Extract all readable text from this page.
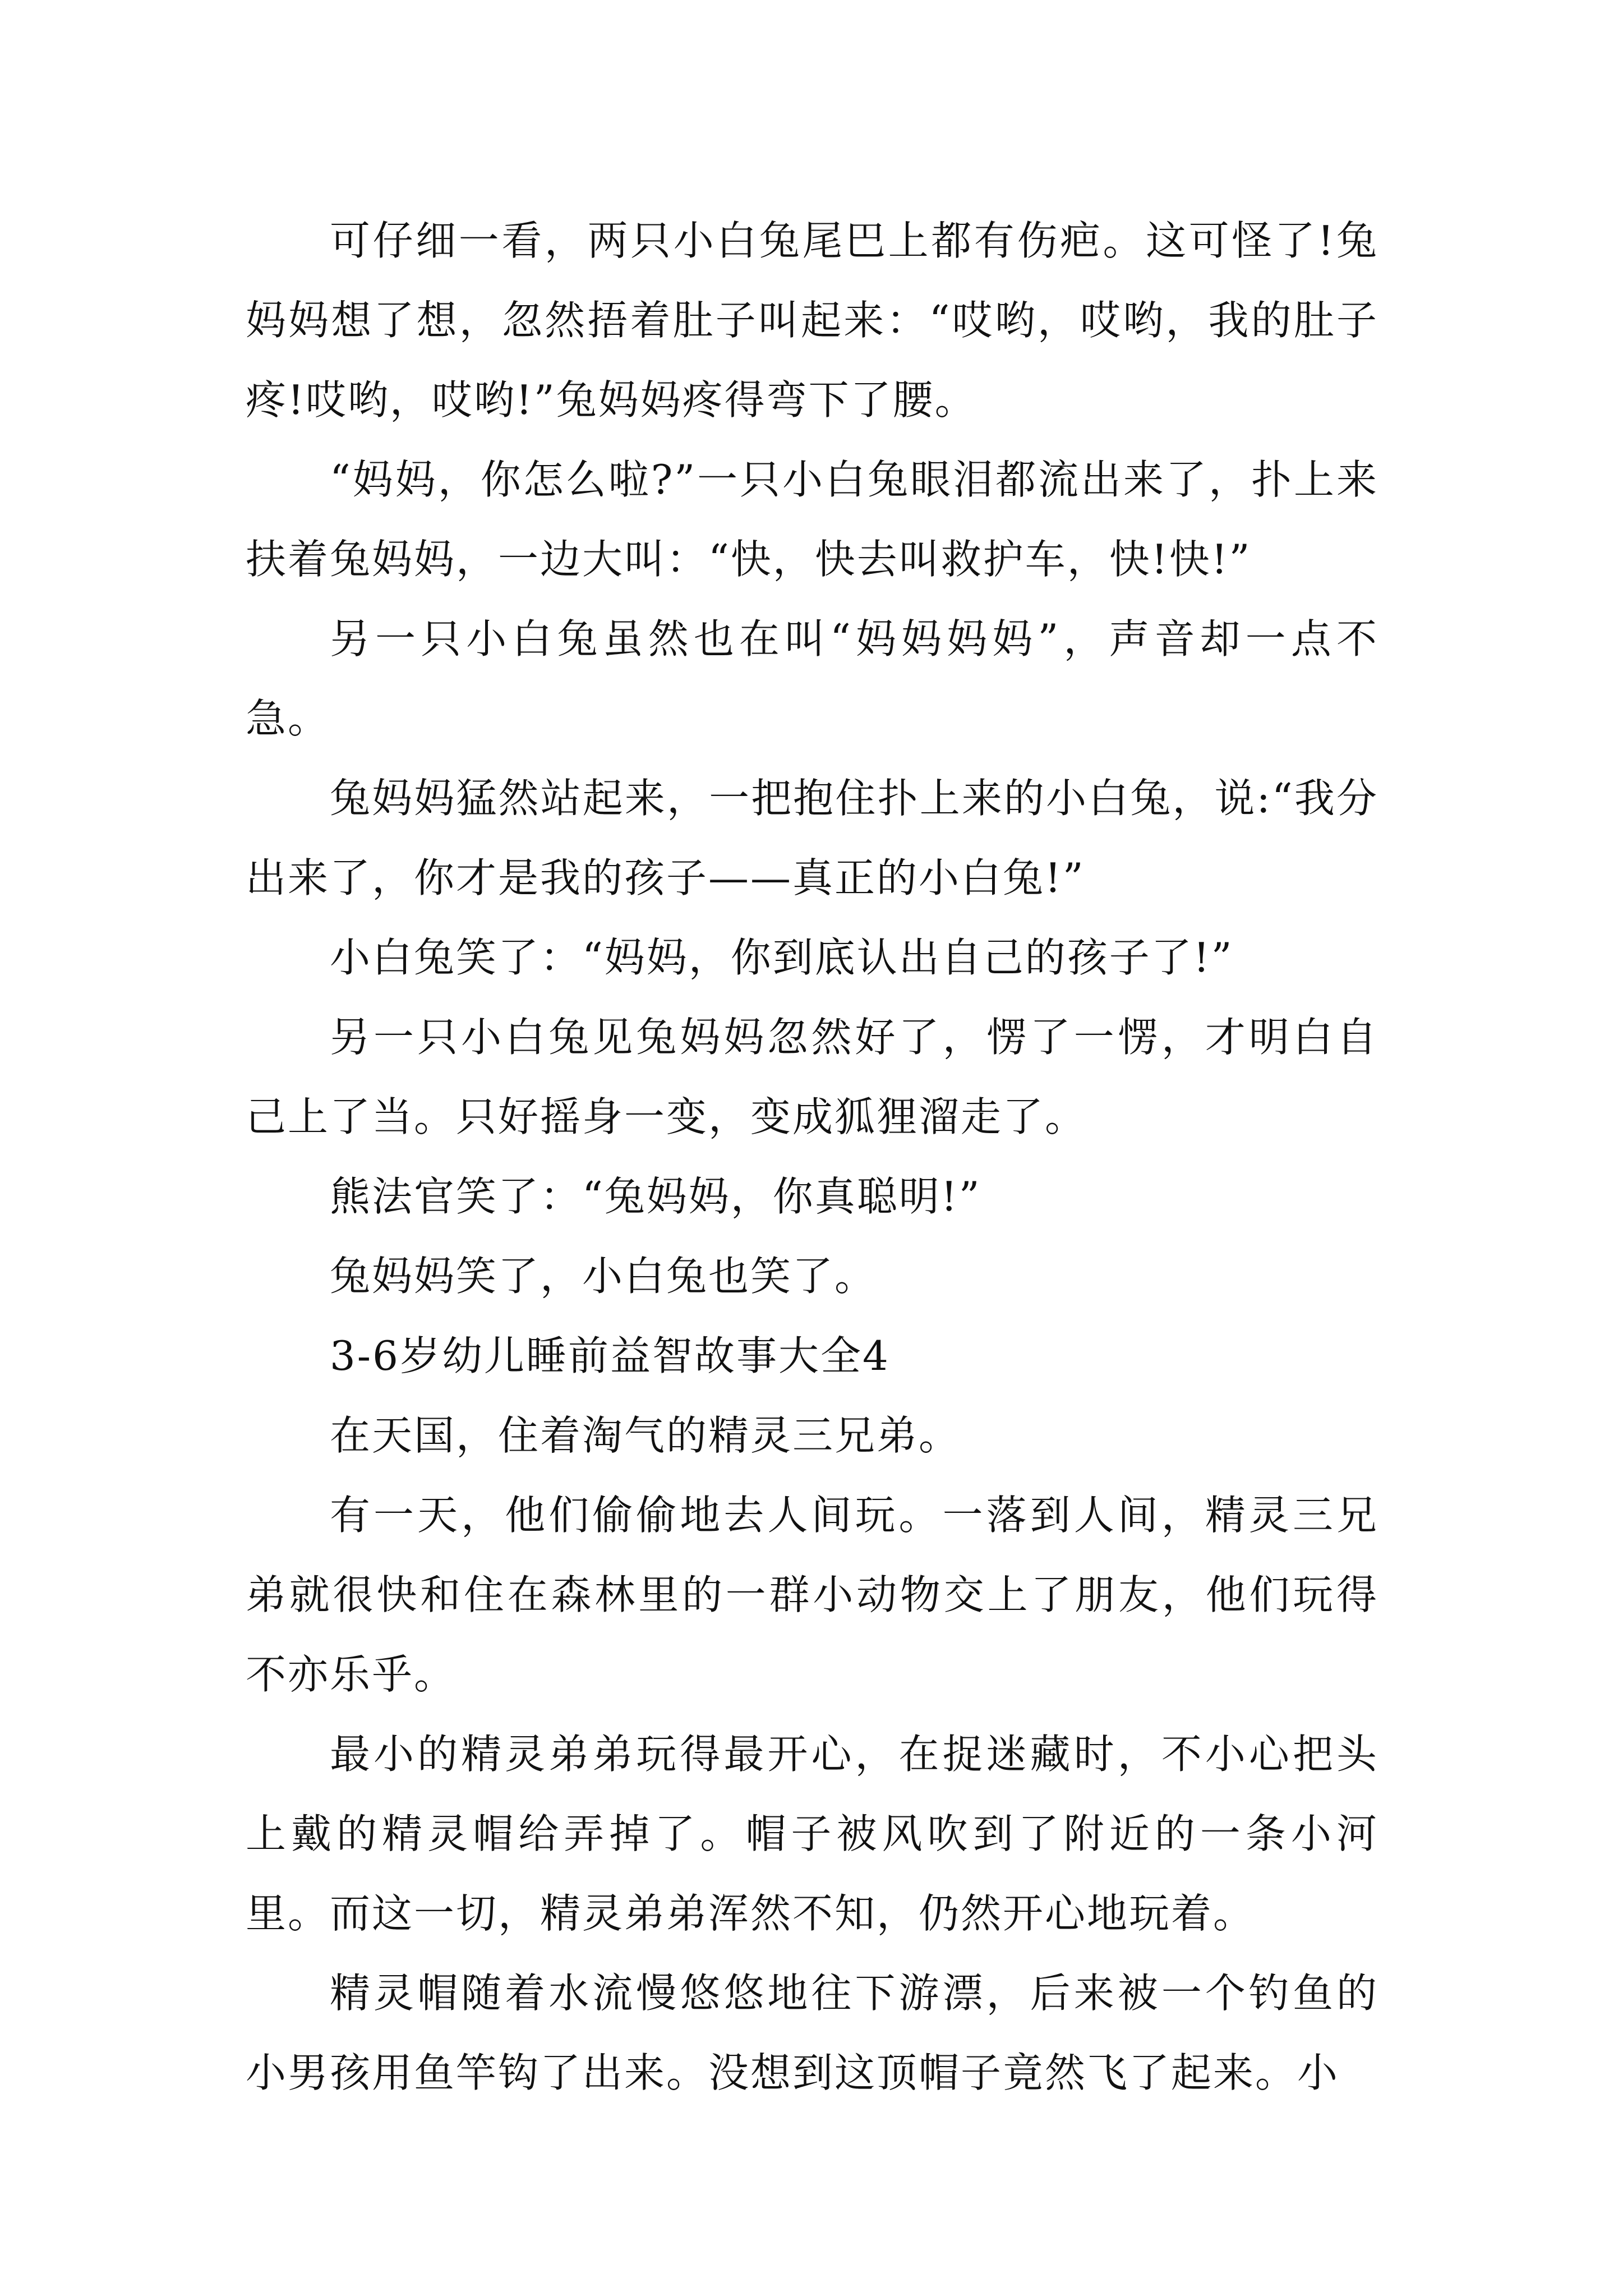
可仔细一看，两只小白兔尾巴上都有伤疤。这可怪了!兔妈妈想了想，忽然捂着肚子叫起来：“哎哟，哎哟，我的肚子疼!哎哟，哎哟!”兔妈妈疼得弯下了腰。

“妈妈，你怎么啦?”一只小白兔眼泪都流出来了，扑上来扶着兔妈妈，一边大叫：“快，快去叫救护车，快!快!”

另一只小白兔虽然也在叫“妈妈妈妈”，声音却一点不急。

兔妈妈猛然站起来，一把抱住扑上来的小白兔，说:“我分出来了，你才是我的孩子——真正的小白兔!”

小白兔笑了：“妈妈，你到底认出自己的孩子了!”

另一只小白兔见兔妈妈忽然好了，愣了一愣，才明白自己上了当。只好摇身一变，变成狐狸溜走了。

熊法官笑了：“兔妈妈，你真聪明!”

兔妈妈笑了，小白兔也笑了。

3-6岁幼儿睡前益智故事大全4

在天国，住着淘气的精灵三兄弟。

有一天，他们偷偷地去人间玩。一落到人间，精灵三兄弟就很快和住在森林里的一群小动物交上了朋友，他们玩得不亦乐乎。

最小的精灵弟弟玩得最开心，在捉迷藏时，不小心把头上戴的精灵帽给弄掉了。帽子被风吹到了附近的一条小河里。而这一切，精灵弟弟浑然不知，仍然开心地玩着。

精灵帽随着水流慢悠悠地往下游漂，后来被一个钓鱼的小男孩用鱼竿钩了出来。没想到这顶帽子竟然飞了起来。小
